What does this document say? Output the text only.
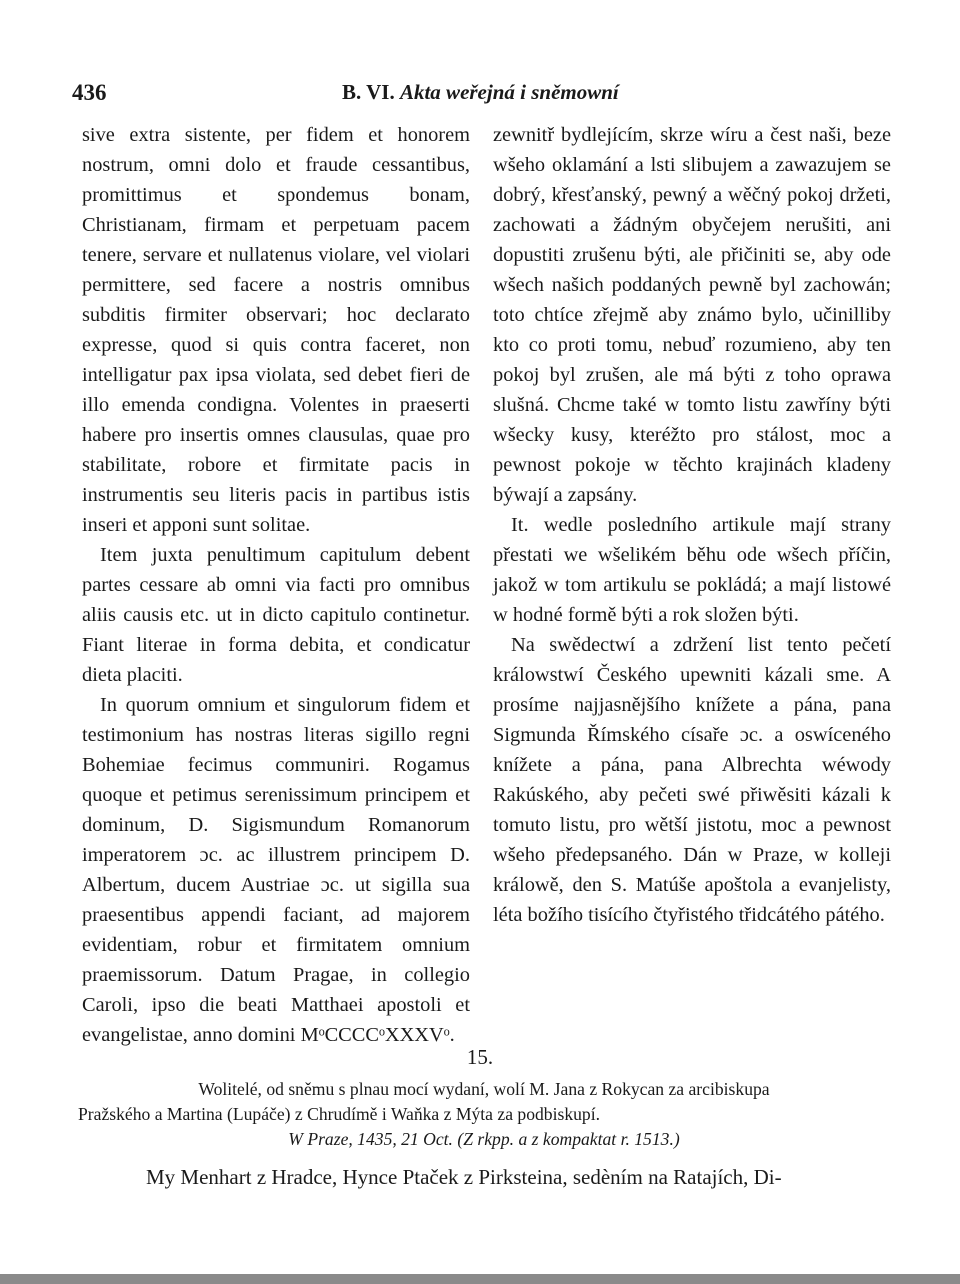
436	B. VI. Akta weřejná i sněmowní

sive extra sistente, per fidem et honorem nostrum, omni dolo et fraude cessantibus, promittimus et spondemus bonam, Christianam, firmam et perpetuam pacem tenere, servare et nullatenus violare, vel violari permittere, sed facere a nostris omnibus subditis firmiter observari; hoc declarato expresse, quod si quis contra faceret, non intelligatur pax ipsa violata, sed debet fieri de illo emenda condigna. Volentes in praeserti habere pro insertis omnes clausulas, quae pro stabilitate, robore et firmitate pacis in instrumentis seu literis pacis in partibus istis inseri et apponi sunt solitae.

Item juxta penultimum capitulum debent partes cessare ab omni via facti pro omnibus aliis causis etc. ut in dicto capitulo continetur. Fiant literae in forma debita, et condicatur dieta placiti.

In quorum omnium et singulorum fidem et testimonium has nostras literas sigillo regni Bohemiae fecimus communiri. Rogamus quoque et petimus serenissimum principem et dominum, D. Sigismundum Romanorum imperatorem ɔc. ac illustrem principem D. Albertum, ducem Austriae ɔc. ut sigilla sua praesentibus appendi faciant, ad majorem evidentiam, robur et firmitatem omnium praemissorum. Datum Pragae, in collegio Caroli, ipso die beati Matthaei apostoli et evangelistae, anno domini MᵒCCCCᵒXXXVᵒ.

zewnitř bydlejícím, skrze wíru a čest naši, beze wšeho oklamání a lsti slibujem a zawazujem se dobrý, křesťanský, pewný a wěčný pokoj držeti, zachowati a žádným obyčejem nerušiti, ani dopustiti zrušenu býti, ale přičiniti se, aby ode wšech našich poddaných pewně byl zachowán; toto chtíce zřejmě aby známo bylo, učinilliby kto co proti tomu, nebuď rozumieno, aby ten pokoj byl zrušen, ale má býti z toho oprawa slušná. Chcme také w tomto listu zawříny býti wšecky kusy, kteréžto pro stálost, moc a pewnost pokoje w těchto krajinách kladeny býwají a zapsány.

It. wedle posledního artikule mají strany přestati we wšelikém běhu ode wšech příčin, jakož w tom artikulu se pokládá; a mají listowé w hodné formě býti a rok složen býti.

Na swědectwí a zdržení list tento pečetí králowstwí Českého upewniti kázali sme. A prosíme najjasnějšího knížete a pána, pana Sigmunda Římského císaře ɔc. a oswíceného knížete a pána, pana Albrechta wéwody Rakúského, aby pečeti swé přiwěsiti kázali k tomuto listu, pro wětší jistotu, moc a pewnost wšeho předepsaného. Dán w Praze, w kolleji králowě, den S. Matúše apoštola a evanjelisty, léta božího tisícího čtyřistého třidcátého pátého.

15.
Wolitelé, od sněmu s plnau mocí wydaní, wolí M. Jana z Rokycan za arcibiskupa
Pražského a Martina (Lupáče) z Chrudímě i Waňka z Mýta za podbiskupí.
W Praze, 1435, 21 Oct. (Z rkpp. a z kompaktat r. 1513.)
My Menhart z Hradce, Hynce Ptaček z Pirksteina, sedèním na Ratajích, Di-
